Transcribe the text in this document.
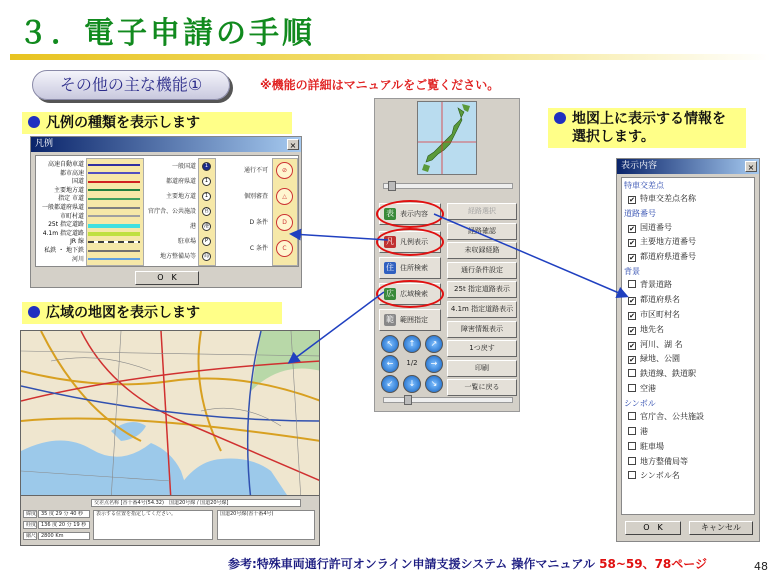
３．電子申請の手順
その他の主な機能①	※機能の詳細はマニュアルをご覧ください。
凡例の種類を表示します
広域の地図を表示します
地図上に表示する情報を
選択します。
凡例	×
高速自動車道
都市高速
国道
主要地方道
指定 市道
一般都道府県道
市町村道
25t 指定道路
4.1m 指定道路
JR 線
私鉄 ・ 地下鉄
河川
一般国道	1
都道府県道	1
主要地方道	1
官庁舎、公共施設	官
港	港
駐車場	P
地方整備局等	局
通行不可	⊘
個別審査	△
D 条件	D
C 条件	C
O　K
交差点名称 [香十番4号(54.32)　国道20号線 / 国道20号線]
緯度 35 度 29 分 40 秒
経度 136 度 20 分 19 秒
縮尺 2800 Km
表示する位置を指定してください。	国道20号線(香十番4号)
表 表示内容
凡 凡例表示
住 住所検索
広 広域検索
範 範囲指定
経路選択
経路確認
未収録経路
通行条件設定
25t 指定道路表示
4.1m 指定道路表示
障害情報表示
1つ戻す
印刷
一覧に戻る
↖	↑	↗
←	→
↙	↓	↘
1/2
表示内容	×
特車交差点
✔ 特車交差点名称
道路番号
✔ 国道番号
✔ 主要地方道番号
✔ 都道府県道番号
背景
背景道路
✔ 都道府県名
✔ 市区町村名
✔ 地先名
✔ 河川、湖 名
✔ 緑地、公園
鉄道線、鉄道駅
空港
シンボル
官庁舎、公共施設
港
駐車場
地方整備局等
シンボル名
O　K	キャンセル
参考:特殊車両通行許可オンライン申請支援システム 操作マニュアル 58~59、78ページ	48
